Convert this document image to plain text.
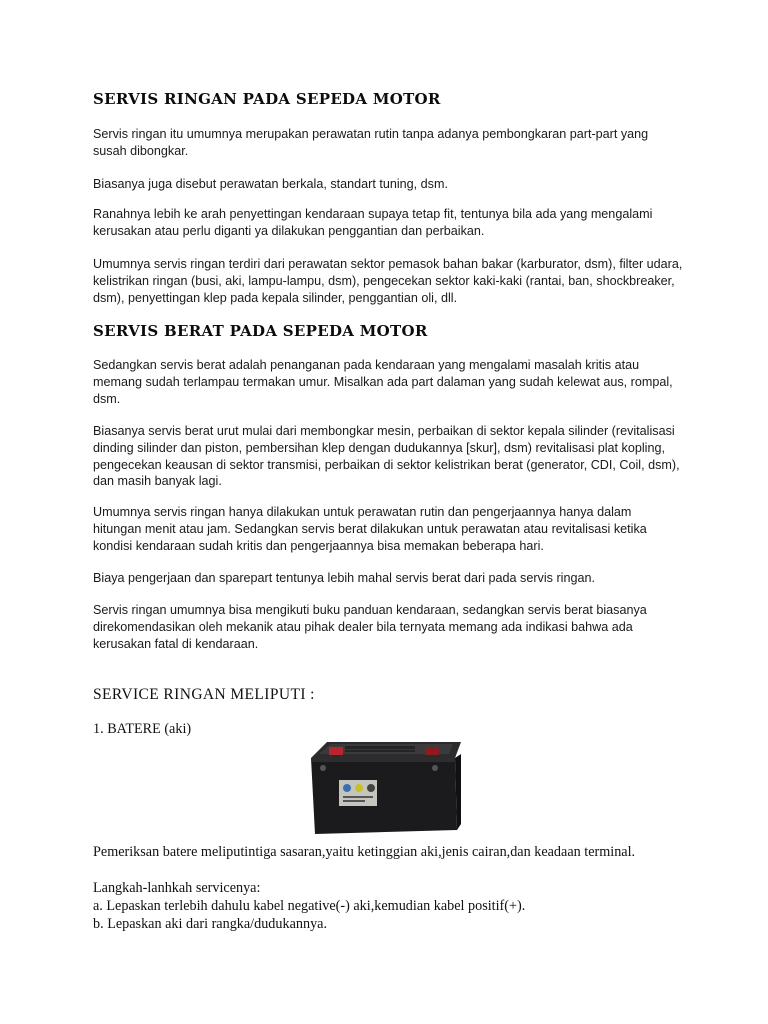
SERVIS RINGAN PADA SEPEDA MOTOR
Servis ringan itu umumnya merupakan perawatan rutin tanpa adanya pembongkaran part-part yang susah dibongkar.
Biasanya juga disebut perawatan berkala, standart tuning, dsm.
Ranahnya lebih ke arah penyettingan kendaraan supaya tetap fit, tentunya bila ada yang mengalami kerusakan atau perlu diganti ya dilakukan penggantian dan perbaikan.
Umumnya servis ringan terdiri dari perawatan sektor pemasok bahan bakar (karburator, dsm), filter udara, kelistrikan ringan (busi, aki, lampu-lampu, dsm), pengecekan sektor kaki-kaki (rantai, ban, shockbreaker, dsm), penyettingan klep pada kepala silinder, penggantian oli, dll.
SERVIS BERAT PADA SEPEDA MOTOR
Sedangkan servis berat adalah penanganan pada kendaraan yang mengalami masalah kritis atau memang sudah terlampau termakan umur. Misalkan ada part dalaman yang sudah kelewat aus, rompal, dsm.
Biasanya servis berat urut mulai dari membongkar mesin, perbaikan di sektor kepala silinder (revitalisasi dinding silinder dan piston, pembersihan klep dengan dudukannya [skur], dsm) revitalisasi plat kopling, pengecekan keausan di sektor transmisi, perbaikan di sektor kelistrikan berat (generator, CDI, Coil, dsm), dan masih banyak lagi.
Umumnya servis ringan hanya dilakukan untuk perawatan rutin dan pengerjaannya hanya dalam hitungan menit atau jam. Sedangkan servis berat dilakukan untuk perawatan atau revitalisasi ketika kondisi kendaraan sudah kritis dan pengerjaannya bisa memakan beberapa hari.
Biaya pengerjaan dan sparepart tentunya lebih mahal servis berat dari pada servis ringan.
Servis ringan umumnya bisa mengikuti buku panduan kendaraan, sedangkan servis berat biasanya direkomendasikan oleh mekanik atau pihak dealer bila ternyata memang ada indikasi bahwa ada kerusakan fatal di kendaraan.
SERVICE RINGAN MELIPUTI :
1. BATERE (aki)
Pemeriksan batere meliputintiga sasaran,yaitu ketinggian aki,jenis cairan,dan keadaan terminal.
Langkah-lanhkah servicenya:
a. Lepaskan terlebih dahulu kabel negative(-) aki,kemudian kabel positif(+).
b. Lepaskan aki dari rangka/dudukannya.
